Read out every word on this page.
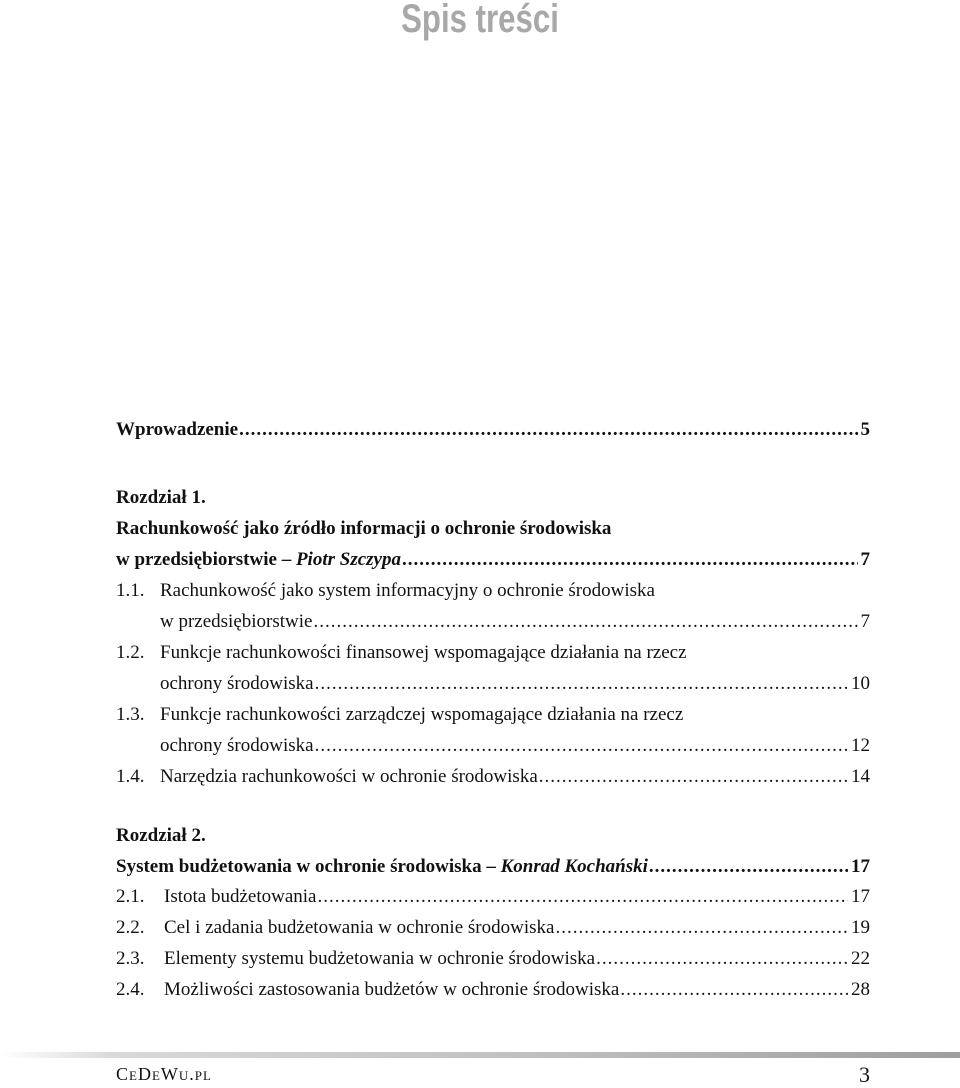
Spis treści
Wprowadzenie .....	5
Rozdział 1.
Rachunkowość jako źródło informacji o ochronie środowiska
w przedsiębiorstwie – Piotr Szczypa .....	7
1.1. Rachunkowość jako system informacyjny o ochronie środowiska
w przedsiębiorstwie .....	7
1.2. Funkcje rachunkowości finansowej wspomagające działania na rzecz
ochrony środowiska .....	10
1.3. Funkcje rachunkowości zarządczej wspomagające działania na rzecz
ochrony środowiska .....	12
1.4. Narzędzia rachunkowości w ochronie środowiska .....	14
Rozdział 2.
System budżetowania w ochronie środowiska – Konrad Kochański .....	17
2.1. Istota budżetowania .....	17
2.2. Cel i zadania budżetowania w ochronie środowiska .....	19
2.3. Elementy systemu budżetowania w ochronie środowiska .....	22
2.4. Możliwości zastosowania budżetów w ochronie środowiska .....	28
CeDeWu.pl	3
